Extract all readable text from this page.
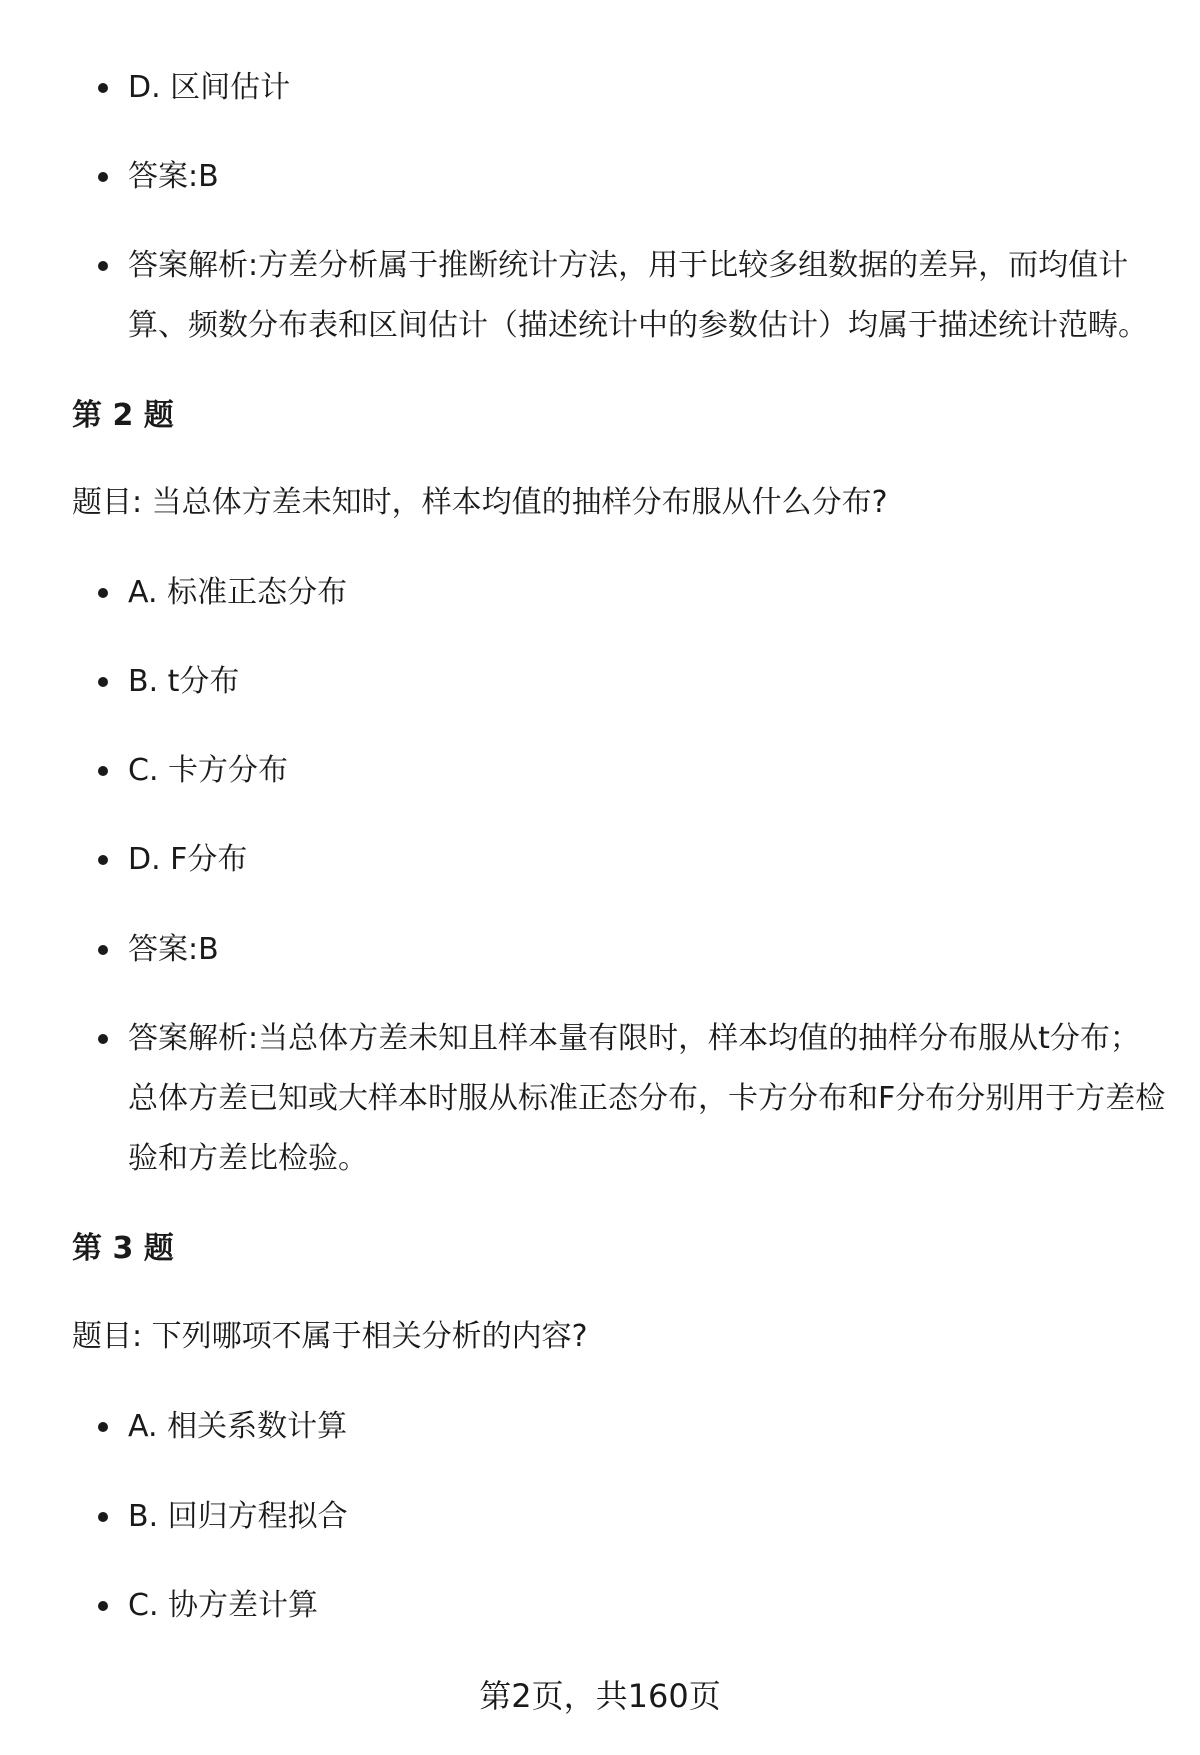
D. 区间估计
答案:B
答案解析:方差分析属于推断统计方法，用于比较多组数据的差异，而均值计
算、频数分布表和区间估计（描述统计中的参数估计）均属于描述统计范畴。
第 2 题
题目: 当总体方差未知时，样本均值的抽样分布服从什么分布?
A. 标准正态分布
B. t分布
C. 卡方分布
D. F分布
答案:B
答案解析:当总体方差未知且样本量有限时，样本均值的抽样分布服从t分布；
总体方差已知或大样本时服从标准正态分布，卡方分布和F分布分别用于方差检
验和方差比检验。
第 3 题
题目: 下列哪项不属于相关分析的内容?
A. 相关系数计算
B. 回归方程拟合
C. 协方差计算
第2页，共160页
